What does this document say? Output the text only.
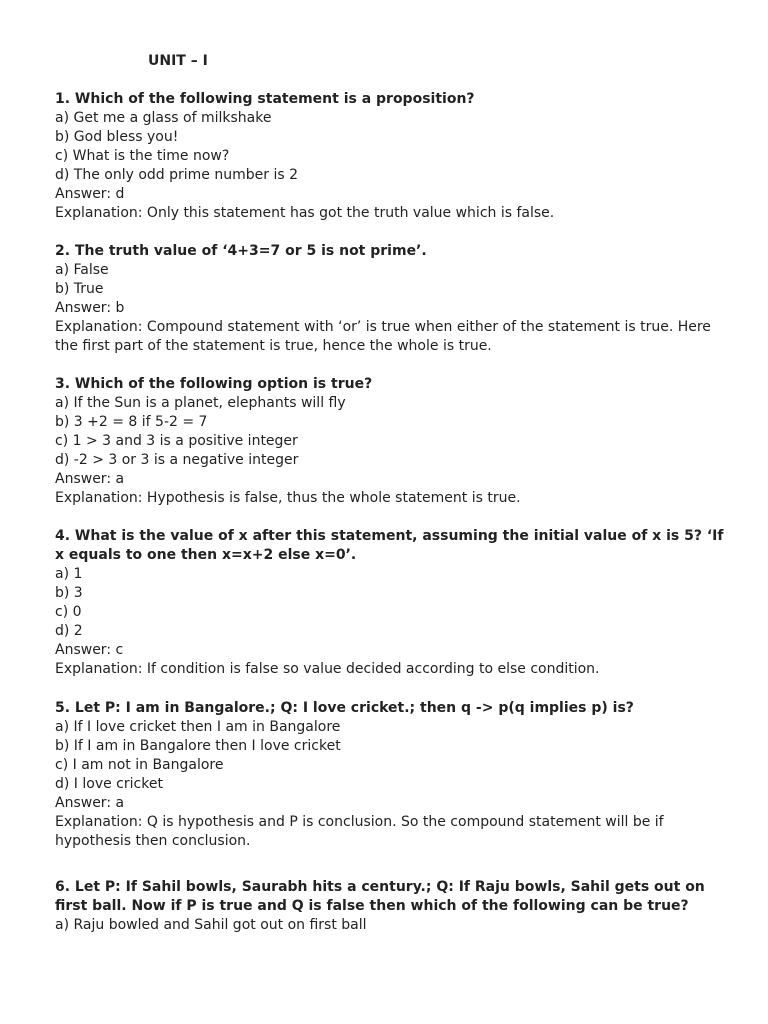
UNIT – I

1. Which of the following statement is a proposition?

a) Get me a glass of milkshake

b) God bless you!

c) What is the time now?

d) The only odd prime number is 2

Answer: d

Explanation: Only this statement has got the truth value which is false.

2. The truth value of ‘4+3=7 or 5 is not prime’.

a) False

b) True

Answer: b

Explanation: Compound statement with ‘or’ is true when either of the statement is true. Here the first part of the statement is true, hence the whole is true.

3. Which of the following option is true?

a) If the Sun is a planet, elephants will fly

b) 3 +2 = 8 if 5-2 = 7

c) 1 > 3 and 3 is a positive integer

d) -2 > 3 or 3 is a negative integer

Answer: a

Explanation: Hypothesis is false, thus the whole statement is true.

4. What is the value of x after this statement, assuming the initial value of x is 5? ‘If x equals to one then x=x+2 else x=0’.

a) 1

b) 3

c) 0

d) 2

Answer: c

Explanation: If condition is false so value decided according to else condition.

5. Let P: I am in Bangalore.; Q: I love cricket.; then q -> p(q implies p) is?

a) If I love cricket then I am in Bangalore

b) If I am in Bangalore then I love cricket

c) I am not in Bangalore

d) I love cricket

Answer: a

Explanation: Q is hypothesis and P is conclusion. So the compound statement will be if hypothesis then conclusion.

6. Let P: If Sahil bowls, Saurabh hits a century.; Q: If Raju bowls, Sahil gets out on first ball. Now if P is true and Q is false then which of the following can be true?

a) Raju bowled and Sahil got out on first ball
